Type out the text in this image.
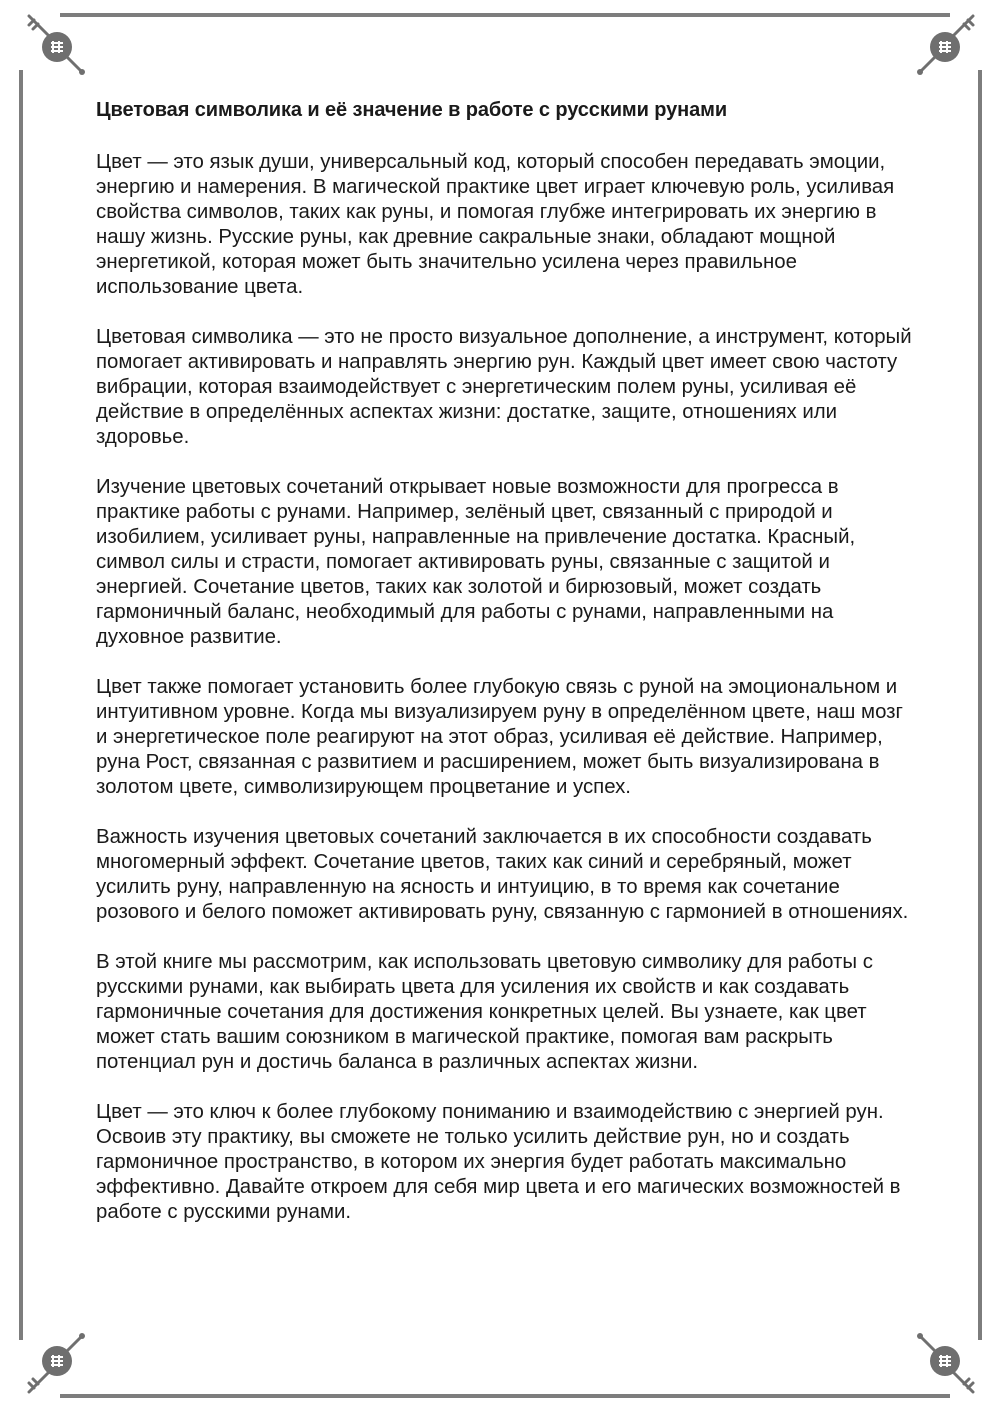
Цветовая символика и её значение в работе с русскими рунами

Цвет — это язык души, универсальный код, который способен передавать эмоции, энергию и намерения. В магической практике цвет играет ключевую роль, усиливая свойства символов, таких как руны, и помогая глубже интегрировать их энергию в нашу жизнь. Русские руны, как древние сакральные знаки, обладают мощной энергетикой, которая может быть значительно усилена через правильное использование цвета.

Цветовая символика — это не просто визуальное дополнение, а инструмент, который помогает активировать и направлять энергию рун. Каждый цвет имеет свою частоту вибрации, которая взаимодействует с энергетическим полем руны, усиливая её действие в определённых аспектах жизни: достатке, защите, отношениях или здоровье.

Изучение цветовых сочетаний открывает новые возможности для прогресса в практике работы с рунами. Например, зелёный цвет, связанный с природой и изобилием, усиливает руны, направленные на привлечение достатка. Красный, символ силы и страсти, помогает активировать руны, связанные с защитой и энергией. Сочетание цветов, таких как золотой и бирюзовый, может создать гармоничный баланс, необходимый для работы с рунами, направленными на духовное развитие.

Цвет также помогает установить более глубокую связь с руной на эмоциональном и интуитивном уровне. Когда мы визуализируем руну в определённом цвете, наш мозг и энергетическое поле реагируют на этот образ, усиливая её действие. Например, руна Рост, связанная с развитием и расширением, может быть визуализирована в золотом цвете, символизирующем процветание и успех.

Важность изучения цветовых сочетаний заключается в их способности создавать многомерный эффект. Сочетание цветов, таких как синий и серебряный, может усилить руну, направленную на ясность и интуицию, в то время как сочетание розового и белого поможет активировать руну, связанную с гармонией в отношениях.

В этой книге мы рассмотрим, как использовать цветовую символику для работы с русскими рунами, как выбирать цвета для усиления их свойств и как создавать гармоничные сочетания для достижения конкретных целей. Вы узнаете, как цвет может стать вашим союзником в магической практике, помогая вам раскрыть потенциал рун и достичь баланса в различных аспектах жизни.

Цвет — это ключ к более глубокому пониманию и взаимодействию с энергией рун. Освоив эту практику, вы сможете не только усилить действие рун, но и создать гармоничное пространство, в котором их энергия будет работать максимально эффективно. Давайте откроем для себя мир цвета и его магических возможностей в работе с русскими рунами.
